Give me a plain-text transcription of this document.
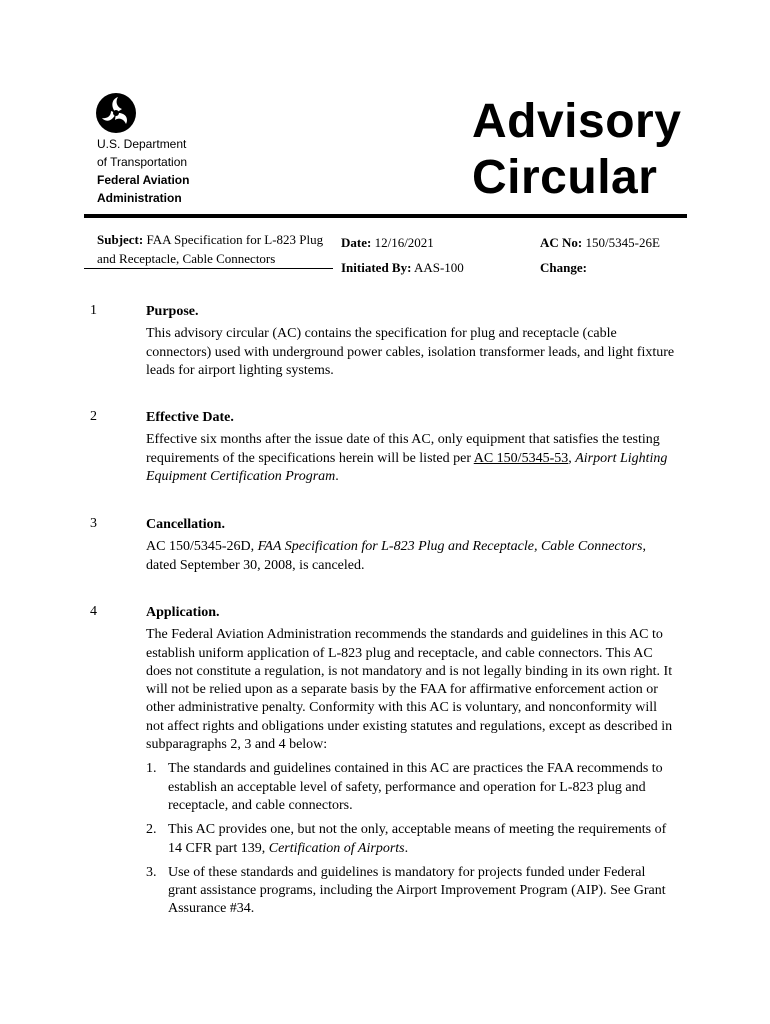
U.S. Department
of Transportation
Federal Aviation
Administration
Advisory
Circular
Subject: FAA Specification for L-823 Plug and Receptacle, Cable Connectors
Date: 12/16/2021
Initiated By: AAS-100
AC No: 150/5345-26E
Change:
1	Purpose.

This advisory circular (AC) contains the specification for plug and receptacle (cable connectors) used with underground power cables, isolation transformer leads, and light fixture leads for airport lighting systems.

2	Effective Date.

Effective six months after the issue date of this AC, only equipment that satisfies the testing requirements of the specifications herein will be listed per AC 150/5345-53, Airport Lighting Equipment Certification Program.

3	Cancellation.

AC 150/5345-26D, FAA Specification for L-823 Plug and Receptacle, Cable Connectors, dated September 30, 2008, is canceled.

4	Application.

The Federal Aviation Administration recommends the standards and guidelines in this AC to establish uniform application of L-823 plug and receptacle, and cable connectors. This AC does not constitute a regulation, is not mandatory and is not legally binding in its own right. It will not be relied upon as a separate basis by the FAA for affirmative enforcement action or other administrative penalty. Conformity with this AC is voluntary, and nonconformity will not affect rights and obligations under existing statutes and regulations, except as described in subparagraphs 2, 3 and 4 below:

1. The standards and guidelines contained in this AC are practices the FAA recommends to establish an acceptable level of safety, performance and operation for L-823 plug and receptacle, and cable connectors.
2. This AC provides one, but not the only, acceptable means of meeting the requirements of 14 CFR part 139, Certification of Airports.
3. Use of these standards and guidelines is mandatory for projects funded under Federal grant assistance programs, including the Airport Improvement Program (AIP). See Grant Assurance #34.
